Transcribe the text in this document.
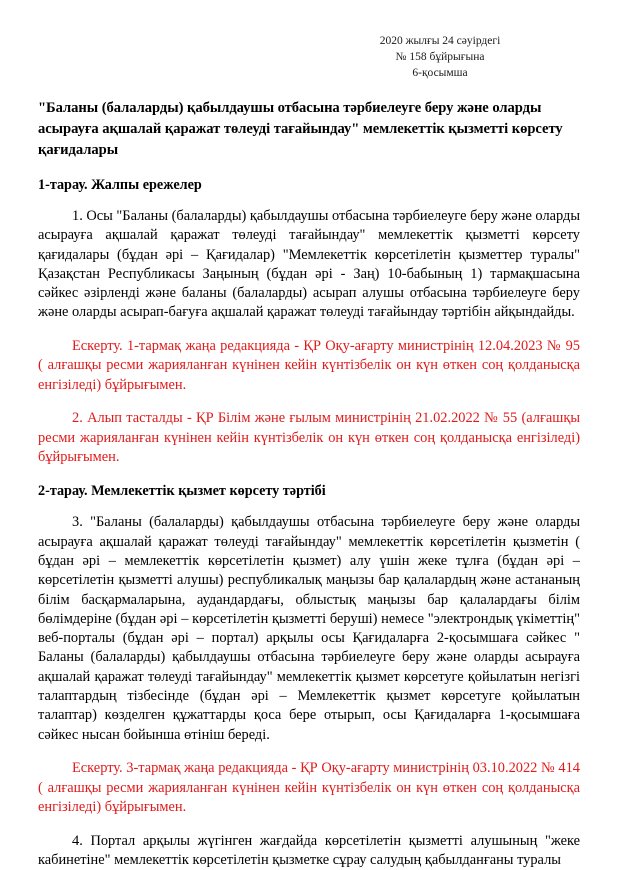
2020 жылғы 24 сәуiрдегi
№ 158 бұйрығына
6-қосымша
"Баланы (балаларды) қабылдаушы отбасына тәрбиелеуге беру және оларды асырауға ақшалай қаражат төлеуді тағайындау" мемлекеттiк қызметті көрсету қағидалары
1-тарау. Жалпы ережелер

1. Осы "Баланы (балаларды) қабылдаушы отбасына тәрбиелеуге беру және оларды асырауға ақшалай қаражат төлеуді тағайындау" мемлекеттік қызметті көрсету қағидалары (бұдан әрі – Қағидалар) "Мемлекеттік көрсетілетін қызметтер туралы" Қазақстан Республикасы Заңының (бұдан әрі - Заң) 10-бабының 1) тармақшасына сәйкес әзірленді және баланы (балаларды) асырап алушы отбасына тәрбиелеуге беру және оларды асырап-бағуға ақшалай қаражат төлеуді тағайындау тәртібін айқындайды.

Ескерту. 1-тармақ жаңа редакцияда - ҚР Оқу-ағарту министрінің 12.04.2023 № 95 ( алғашқы ресми жарияланған күнінен кейін күнтізбелік он күн өткен соң қолданысқа енгізіледі) бұйрығымен.

2. Алып тасталды - ҚР Білім және ғылым министрінің 21.02.2022 № 55 (алғашқы ресми жарияланған күнінен кейін күнтізбелік он күн өткен соң қолданысқа енгізіледі) бұйрығымен.

2-тарау. Мемлекеттік қызмет көрсету тәртібі

3. "Баланы (балаларды) қабылдаушы отбасына тәрбиелеуге беру және оларды асырауға ақшалай қаражат төлеуді тағайындау" мемлекеттік көрсетілетін қызметін ( бұдан әрі – мемлекеттік көрсетілетін қызмет) алу үшін жеке тұлға (бұдан әрі – көрсетілетін қызметті алушы) республикалық маңызы бар қалалардың және астананың білім басқармаларына, аудандардағы, облыстық маңызы бар қалалардағы білім бөлімдеріне (бұдан әрі – көрсетілетін қызметті беруші) немесе "электрондық үкіметтің" веб-порталы (бұдан әрі – портал) арқылы осы Қағидаларға 2-қосымшаға сәйкес " Баланы (балаларды) қабылдаушы отбасына тәрбиелеуге беру және оларды асырауға ақшалай қаражат төлеуді тағайындау" мемлекеттік қызмет көрсетуге қойылатын негізгі талаптардың тізбесінде (бұдан әрі – Мемлекеттік қызмет көрсетуге қойылатын талаптар) көзделген құжаттарды қоса бере отырып, осы Қағидаларға 1-қосымшаға сәйкес нысан бойынша өтініш береді.

Ескерту. 3-тармақ жаңа редакцияда - ҚР Оқу-ағарту министрінің 03.10.2022 № 414 ( алғашқы ресми жарияланған күнінен кейін күнтізбелік он күн өткен соң қолданысқа енгізіледі) бұйрығымен.

4. Портал арқылы жүгінген жағдайда көрсетілетін қызметті алушының "жеке кабинетіне" мемлекеттік көрсетілетін қызметке сұрау салудың қабылданғаны туралы
